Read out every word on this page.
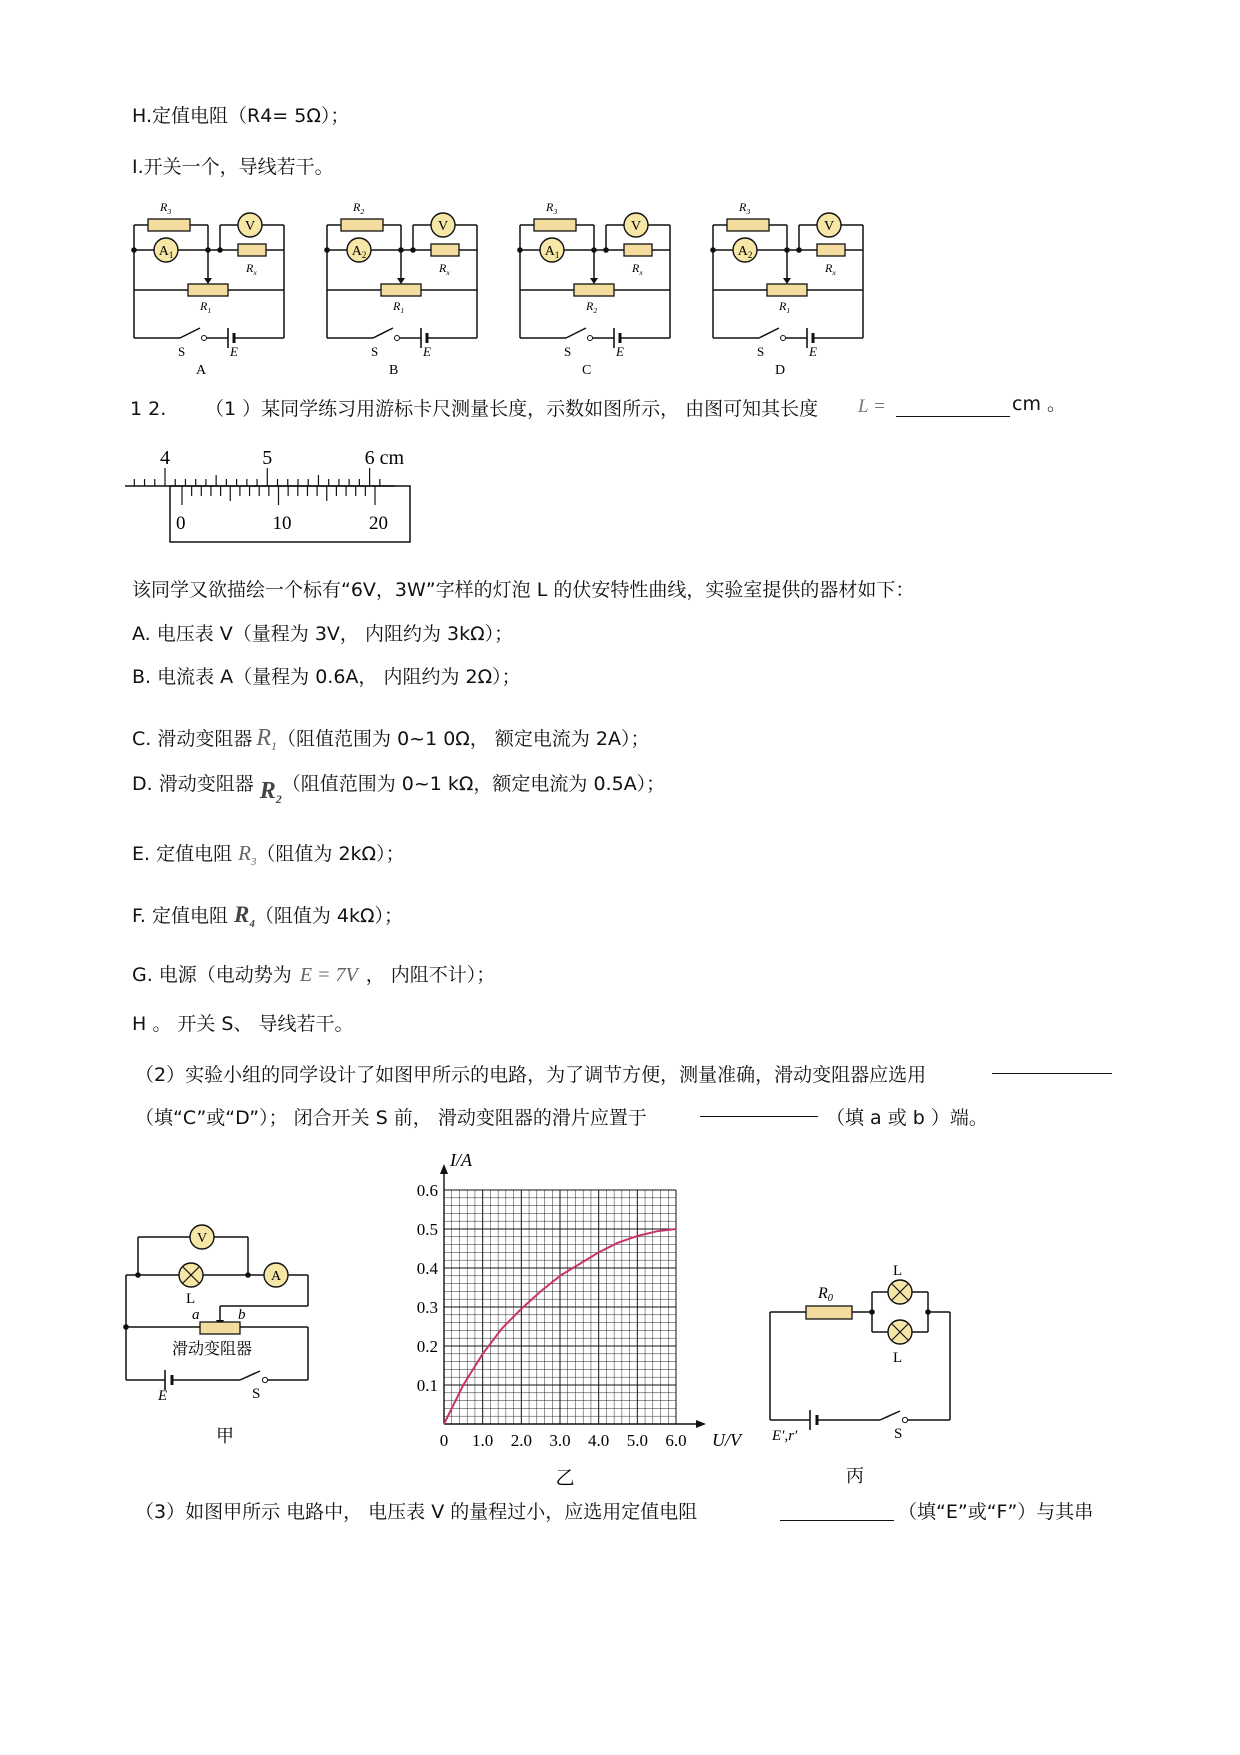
H.定值电阻（R4= 5Ω）；
I.开关一个，导线若干。
$R_3$
$A_1$
V
$R_x$
$R_1$
S	E
A
$R_2$
$A_2$
V
$R_x$
$R_1$
S	E
B
$R_3$
$A_1$
V
$R_x$
$R_2$
S	E
C
$R_3$
$A_2$
V
$R_x$
$R_1$
S	E
D
1 2. （1 ）某同学练习用游标卡尺测量长度，示数如图所示， 由图可知其长度 L =	cm 。
4	5	6 cm
0	10	20
该同学又欲描绘一个标有“6V，3W”字样的灯泡 L 的伏安特性曲线，实验室提供的器材如下：
A. 电压表 V（量程为 3V， 内阻约为 3kΩ）；
B. 电流表 A（量程为 0.6A， 内阻约为 2Ω）；
C. 滑动变阻器 $R_1$（阻值范围为 0~1 0Ω， 额定电流为 2A）；
D. 滑动变阻器 $R_2$（阻值范围为 0~1 kΩ，额定电流为 0.5A）；
E. 定值电阻 $R_3$（阻值为 2kΩ）；
F. 定值电阻 $R_4$（阻值为 4kΩ）；
G. 电源（电动势为 E = 7V ， 内阻不计）；
H 。 开关 S、 导线若干。
（2）实验小组的同学设计了如图甲所示的电路，为了调节方便，测量准确，滑动变阻器应选用
（填“C”或“D”）； 闭合开关 S 前， 滑动变阻器的滑片应置于	（填 a 或 b ）端。
V
A
L
a	b
滑动变阻器
E	S
甲	0 1.0 2.0 3.0 4.0 5.0 6.0
0.1
0.2
0.3
0.4
0.5
0.6
U/V
I/A
乙
R0
L
L
E′,r′	S
丙
（3）如图甲所示 电路中， 电压表 V 的量程过小，应选用定值电阻	（填“E”或“F”）与其串
